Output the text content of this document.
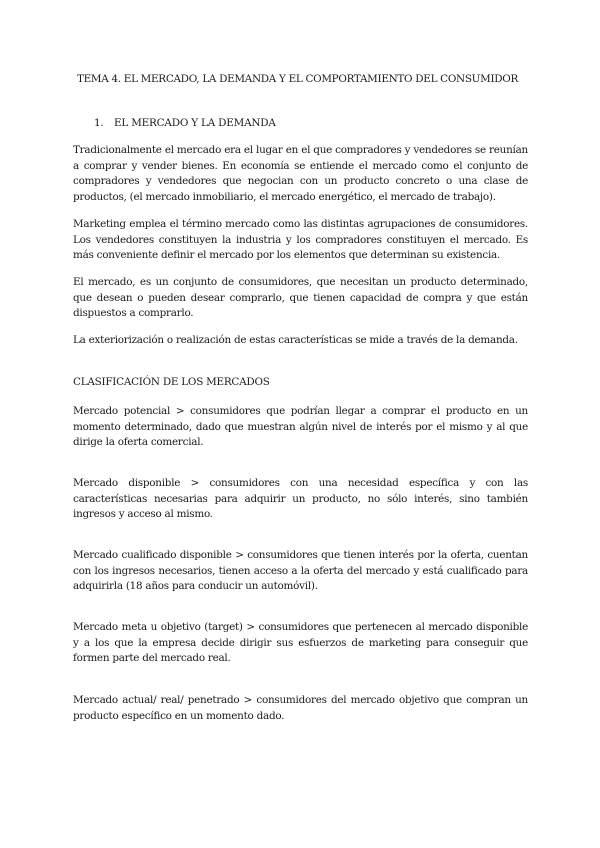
TEMA 4. EL MERCADO, LA DEMANDA Y EL COMPORTAMIENTO DEL CONSUMIDOR
1. EL MERCADO Y LA DEMANDA

Tradicionalmente el mercado era el lugar en el que compradores y vendedores se reunían a comprar y vender bienes. En economía se entiende el mercado como el conjunto de compradores y vendedores que negocian con un producto concreto o una clase de productos, (el mercado inmobiliario, el mercado energético, el mercado de trabajo).

Marketing emplea el término mercado como las distintas agrupaciones de consumidores. Los vendedores constituyen la industria y los compradores constituyen el mercado. Es más conveniente definir el mercado por los elementos que determinan su existencia.

El mercado, es un conjunto de consumidores, que necesitan un producto determinado, que desean o pueden desear comprarlo, que tienen capacidad de compra y que están dispuestos a comprarlo.

La exteriorización o realización de estas características se mide a través de la demanda.

CLASIFICACIÓN DE LOS MERCADOS

Mercado potencial > consumidores que podrían llegar a comprar el producto en un momento determinado, dado que muestran algún nivel de interés por el mismo y al que dirige la oferta comercial.

Mercado disponible > consumidores con una necesidad específica y con las características necesarias para adquirir un producto, no sólo interés, sino también ingresos y acceso al mismo.

Mercado cualificado disponible > consumidores que tienen interés por la oferta, cuentan con los ingresos necesarios, tienen acceso a la oferta del mercado y está cualificado para adquirirla (18 años para conducir un automóvil).

Mercado meta u objetivo (target) > consumidores que pertenecen al mercado disponible y a los que la empresa decide dirigir sus esfuerzos de marketing para conseguir que formen parte del mercado real.

Mercado actual/ real/ penetrado > consumidores del mercado objetivo que compran un producto específico en un momento dado.
